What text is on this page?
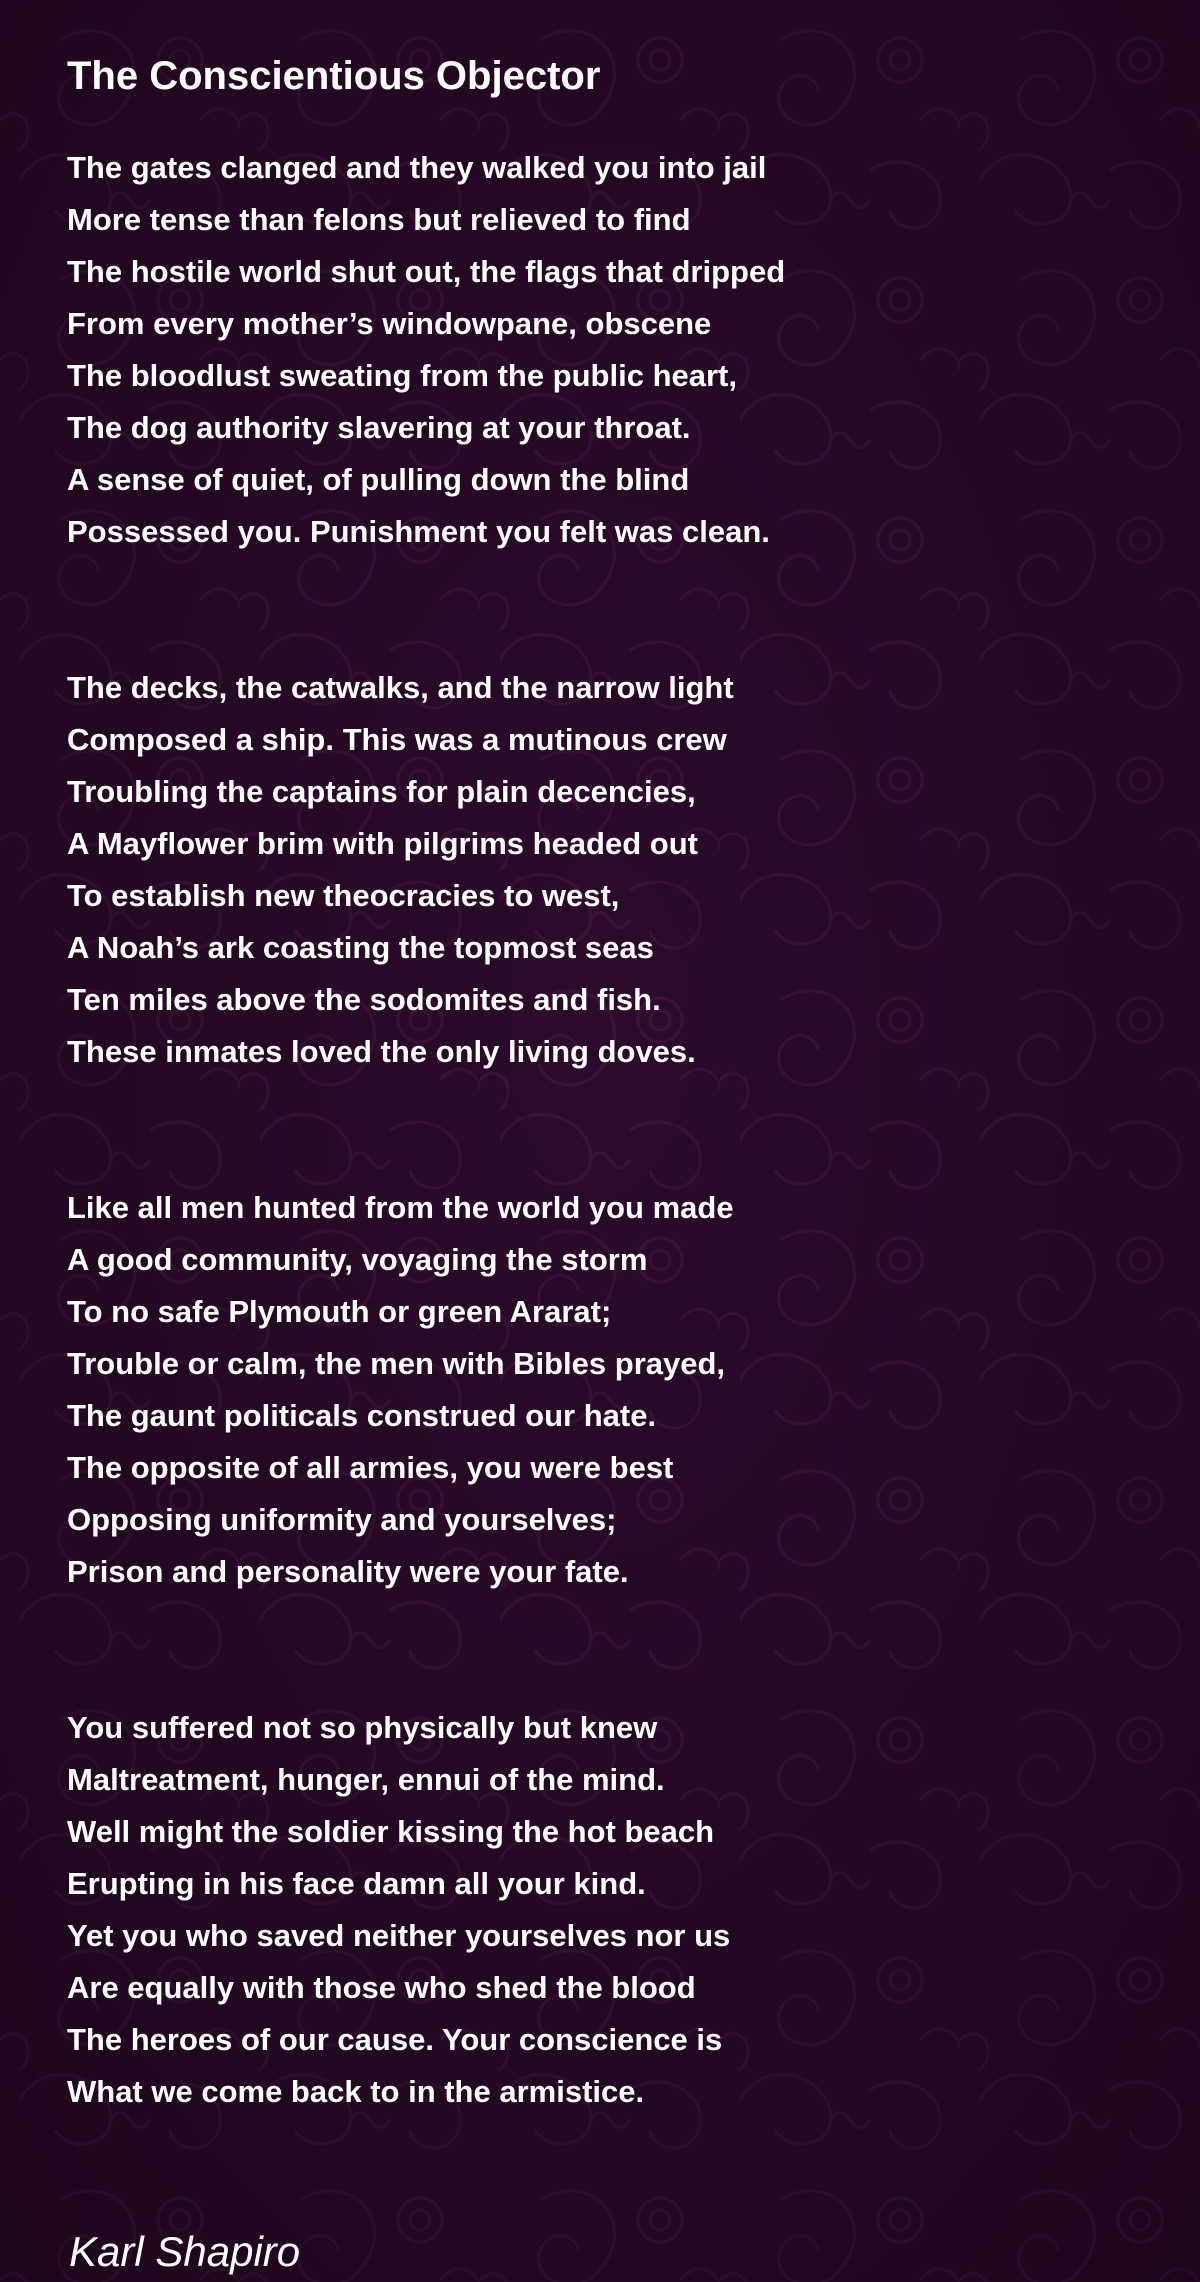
The Conscientious Objector
The gates clanged and they walked you into jail
More tense than felons but relieved to find
The hostile world shut out, the flags that dripped
From every mother’s windowpane, obscene
The bloodlust sweating from the public heart,
The dog authority slavering at your throat.
A sense of quiet, of pulling down the blind
Possessed you. Punishment you felt was clean.
The decks, the catwalks, and the narrow light
Composed a ship. This was a mutinous crew
Troubling the captains for plain decencies,
A Mayflower brim with pilgrims headed out
To establish new theocracies to west,
A Noah’s ark coasting the topmost seas
Ten miles above the sodomites and fish.
These inmates loved the only living doves.
Like all men hunted from the world you made
A good community, voyaging the storm
To no safe Plymouth or green Ararat;
Trouble or calm, the men with Bibles prayed,
The gaunt politicals construed our hate.
The opposite of all armies, you were best
Opposing uniformity and yourselves;
Prison and personality were your fate.
You suffered not so physically but knew
Maltreatment, hunger, ennui of the mind.
Well might the soldier kissing the hot beach
Erupting in his face damn all your kind.
Yet you who saved neither yourselves nor us
Are equally with those who shed the blood
The heroes of our cause. Your conscience is
What we come back to in the armistice.
Karl Shapiro
